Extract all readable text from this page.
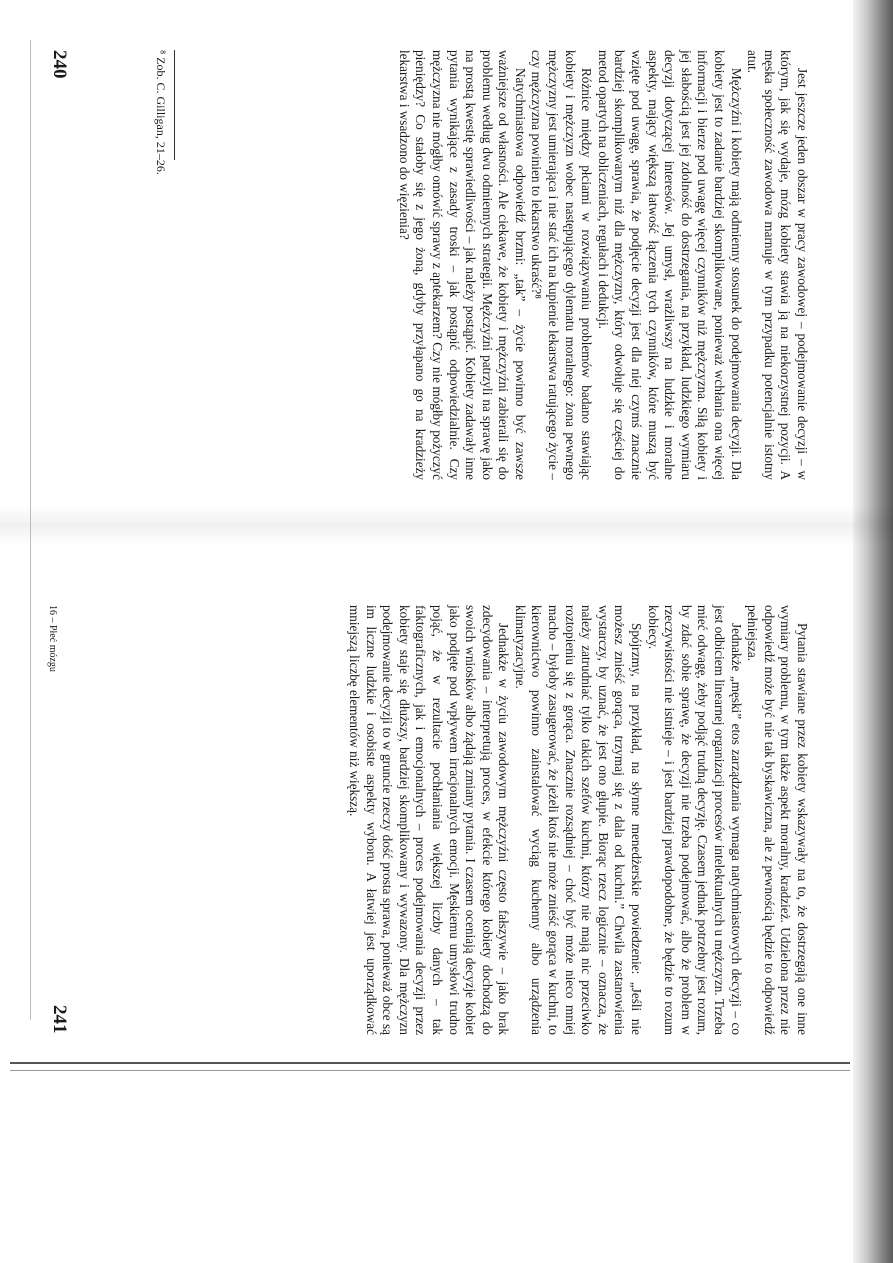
Jest jeszcze jeden obszar w pracy zawodowej – podejmowanie decyzji – w którym, jak się wydaje, mózg kobiety stawia ją na niekorzystnej pozycji. A męska społeczność zawodowa marnuje w tym przypadku potencjalnie istotny atut.

Mężczyźni i kobiety mają odmienny stosunek do podejmowania decyzji. Dla kobiety jest to zadanie bardziej skomplikowane, ponieważ wchłania ona więcej informacji i bierze pod uwagę więcej czynników niż mężczyzna. Siłą kobiety i jej słabością jest jej zdolność do dostrzegania, na przykład, ludzkiego wymiaru decyzji dotyczącej interesów. Jej umysł, wrażliwszy na ludzkie i moralne aspekty, mający większą łatwość łączenia tych czynników, które muszą być wzięte pod uwagę, sprawia, że podjęcie decyzji jest dla niej czymś znacznie bardziej skomplikowanym niż dla mężczyzny, który odwołuje się częściej do metod opartych na obliczeniach, regułach i dedukcji.

Różnice między płciami w rozwiązywaniu problemów badano stawiając kobiety i mężczyzn wobec następującego dylematu moralnego: żona pewnego mężczyzny jest umierająca i nie stać ich na kupienie lekarstwa ratującego życie – czy mężczyzna powinien to lekarstwo ukraść?⁸

Natychmiastowa odpowiedź brzmi: „tak” – życie powinno być zawsze ważniejsze od własności. Ale ciekawe, że kobiety i mężczyźni zabierali się do problemu według dwu odmiennych strategii. Mężczyźni patrzyli na sprawę jako na prostą kwestię sprawiedliwości – jak należy postąpić. Kobiety zadawały inne pytania wynikające z zasady troski – jak postąpić odpowiedzialnie. Czy mężczyzna nie mógłby omówić sprawy z aptekarzem? Czy nie mógłby pożyczyć pieniędzy? Co stałoby się z jego żoną, gdyby przyłapano go na kradzieży lekarstwa i wsadzono do więzienia?

⁸ Zob. C. Gilligan, 21–26.
240

Pytania stawiane przez kobiety wskazywały na to, że dostrzegają one inne wymiary problemu, w tym także aspekt moralny, kradzież. Udzielona przez nie odpowiedź może być nie tak byskawiczna, ale z pewnością będzie to odpowiedź pełniejsza.

Jednakże „męski” etos zarządzania wymaga natychmiastowych decyzji – co jest odbiciem linearnej organizacji procesów intelektualnych u mężczyzn. Trzeba mieć odwagę, żeby podjąć trudną decyzję. Czasem jednak potrzebny jest rozum, by zdać sobie sprawę, że decyzji nie trzeba podejmować, albo że problem w rzeczywistości nie istnieje – i jest bardziej prawdopodobne, że będzie to rozum kobiecy.

Spójrzmy, na przykład, na słynne menedżerskie powiedzenie: „Jeśli nie możesz znieść gorąca, trzymaj się z dala od kuchni.” Chwila zastanowienia wystarczy, by uznać, że jest ono głupie. Biorąc rzecz logicznie – oznacza, że należy zatrudniać tylko takich szefów kuchni, którzy nie mają nic przeciwko roztopieniu się z gorąca. Znacznie rozsądniej – choć być może nieco mniej macho – byłoby zasugerować, że jeżeli ktoś nie może znieść gorąca w kuchni, to kierownictwo powinno zainstalować wyciąg kuchenny albo urządzenia klimatyzacyjne.

Jednakże w życiu zawodowym mężczyźni często fałszywie – jako brak zdecydowania – interpretują proces, w efekcie którego kobiety dochodzą do swoich wniosków albo żądają zmiany pytania. I czasem oceniają decyzje kobiet jako podjęte pod wpływem irracjonalnych emocji. Męskiemu umysłowi trudno pojąć, że w rezultacie pochłaniania większej liczby danych – tak faktograficznych, jak i emocjonalnych – proces podejmowania decyzji przez kobiety staje się dłuższy, bardziej skomplikowany i wywazony. Dla mężczyzn podejmowanie decyzji to w gruncie rzeczy dość prosta sprawa, ponieważ obce są im liczne ludzkie i osobiste aspekty wyboru. A łatwiej jest uporządkować mniejszą liczbę elementów niż większą.

16 – Płeć mózgu
241
